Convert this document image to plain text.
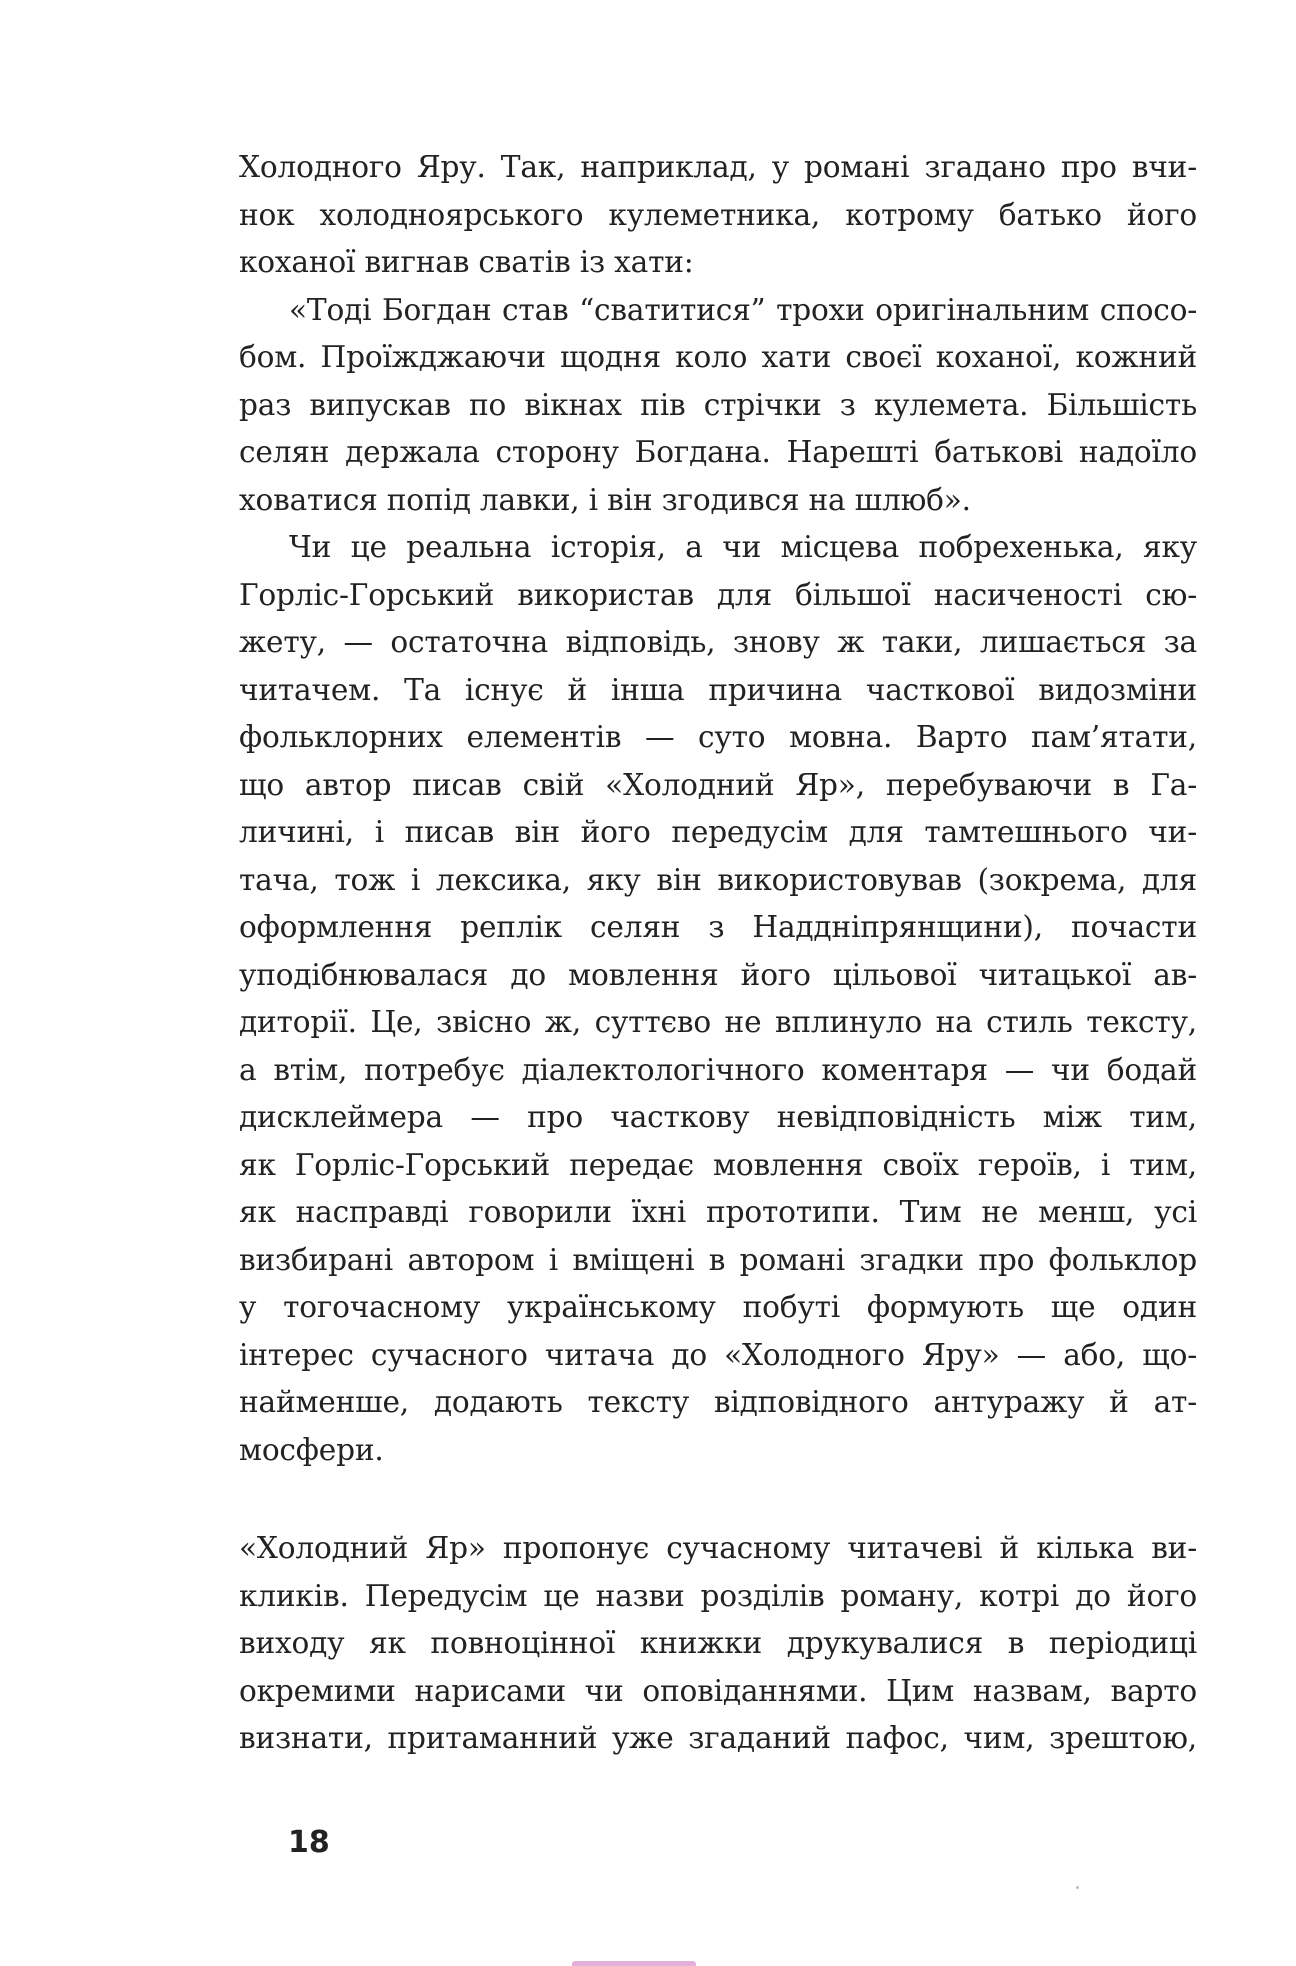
Холодного Яру. Так, наприклад, у романі згадано про вчи-
нок холодноярського кулеметника, котрому батько його
коханої вигнав сватів із хати:
«Тоді Богдан став “сватитися” трохи оригінальним спосо-
бом. Проїжджаючи щодня коло хати своєї коханої, кожний
раз випускав по вікнах пів стрічки з кулемета. Більшість
селян держала сторону Богдана. Нарешті батькові надоїло
ховатися попід лавки, і він згодився на шлюб».
Чи це реальна історія, а чи місцева побрехенька, яку
Горліс-Горський використав для більшої насиченості сю-
жету, — остаточна відповідь, знову ж таки, лишається за
читачем. Та існує й інша причина часткової видозміни
фольклорних елементів — суто мовна. Варто пам’ятати,
що автор писав свій «Холодний Яр», перебуваючи в Га-
личині, і писав він його передусім для тамтешнього чи-
тача, тож і лексика, яку він використовував (зокрема, для
оформлення реплік селян з Наддніпрянщини), почасти
уподібнювалася до мовлення його цільової читацької ав-
диторії. Це, звісно ж, суттєво не вплинуло на стиль тексту,
а втім, потребує діалектологічного коментаря — чи бодай
дисклеймера — про часткову невідповідність між тим,
як Горліс-Горський передає мовлення своїх героїв, і тим,
як насправді говорили їхні прототипи. Тим не менш, усі
визбирані автором і вміщені в романі згадки про фольклор
у тогочасному українському побуті формують ще один
інтерес сучасного читача до «Холодного Яру» — або, що-
найменше, додають тексту відповідного антуражу й ат-
мосфери.
«Холодний Яр» пропонує сучасному читачеві й кілька ви-
кликів. Передусім це назви розділів роману, котрі до його
виходу як повноцінної книжки друкувалися в періодиці
окремими нарисами чи оповіданнями. Цим назвам, варто
визнати, притаманний уже згаданий пафос, чим, зрештою,
18
